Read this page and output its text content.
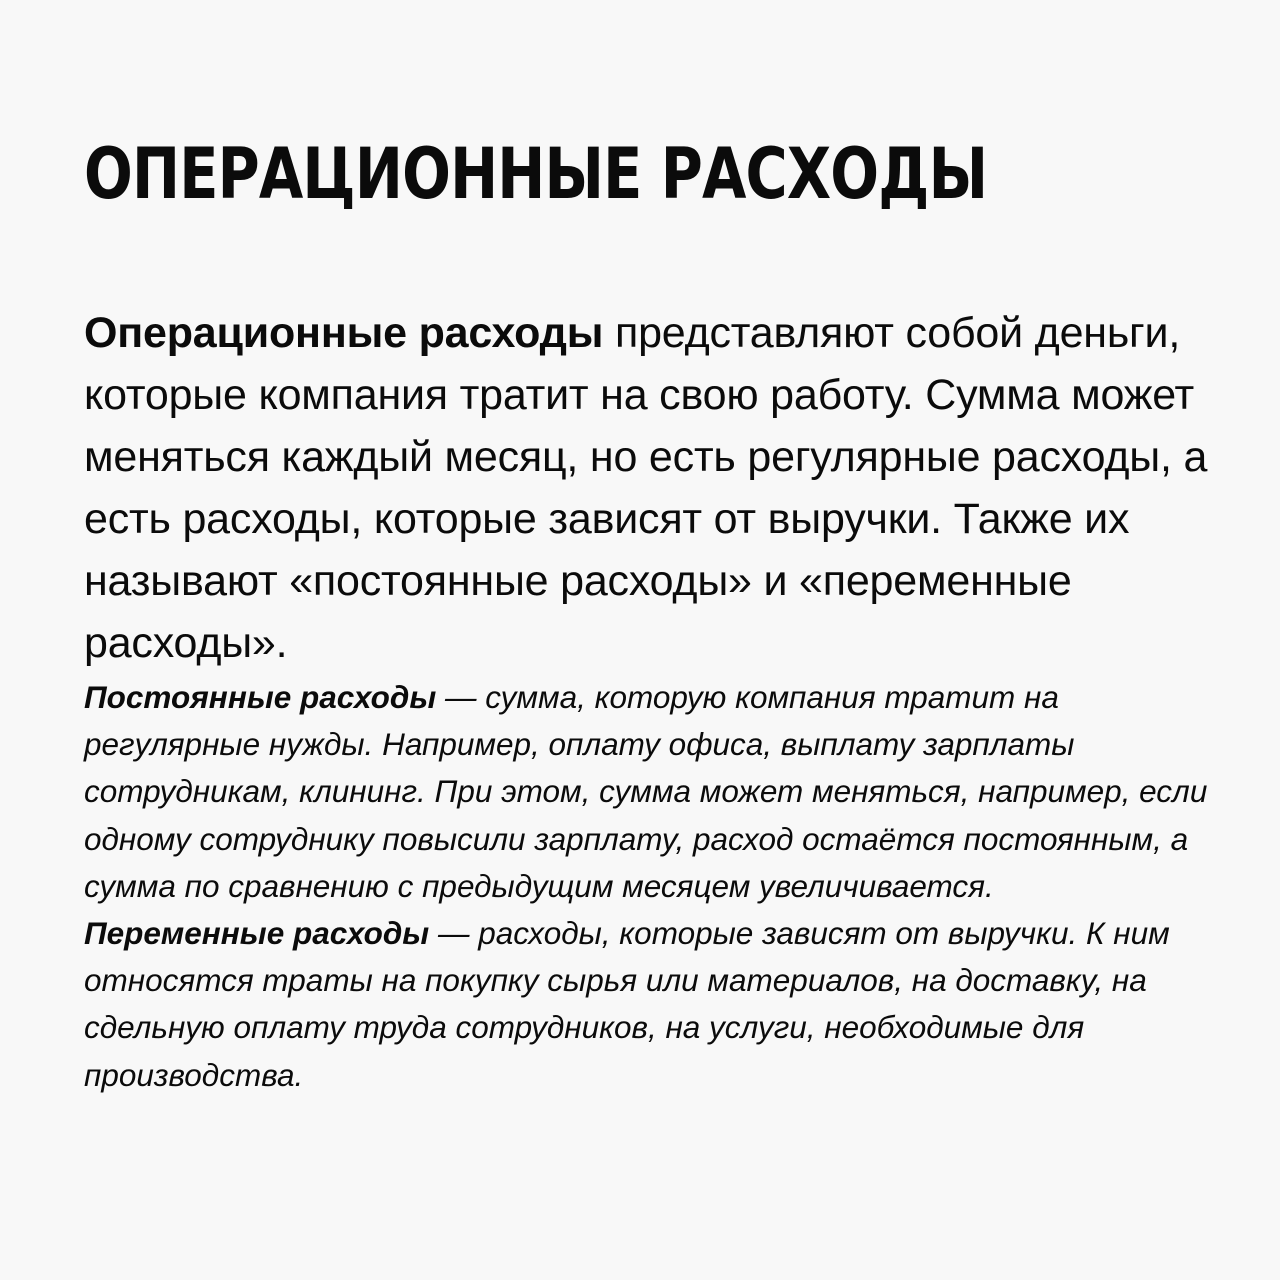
ОПЕРАЦИОННЫЕ РАСХОДЫ

Операционные расходы представляют собой деньги, которые компания тратит на свою работу. Сумма может меняться каждый месяц, но есть регулярные расходы, а есть расходы, которые зависят от выручки. Также их называют «постоянные расходы» и «переменные расходы».

Постоянные расходы — сумма, которую компания тратит на регулярные нужды. Например, оплату офиса, выплату зарплаты сотрудникам, клининг. При этом, сумма может меняться, например, если одному сотруднику повысили зарплату, расход остаётся постоянным, а сумма по сравнению с предыдущим месяцем увеличивается.

Переменные расходы — расходы, которые зависят от выручки. К ним относятся траты на покупку сырья или материалов, на доставку, на сдельную оплату труда сотрудников, на услуги, необходимые для производства.
